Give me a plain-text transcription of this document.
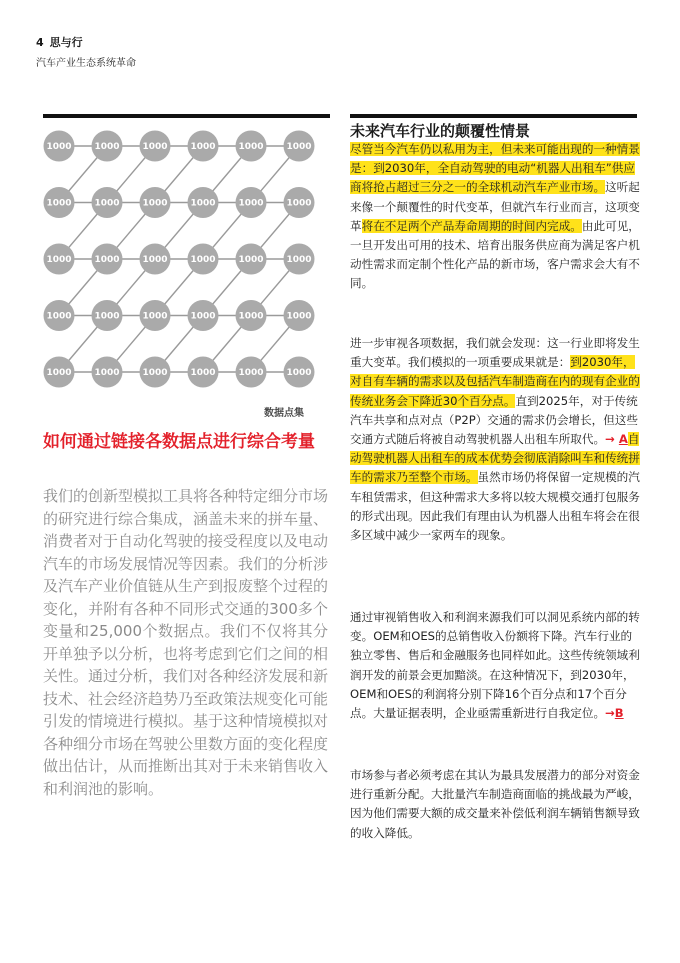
4 思与行
汽车产业生态系统革命
1000	1000	1000	1000	1000	1000
1000	1000	1000	1000	1000	1000
1000	1000	1000	1000	1000	1000
1000	1000	1000	1000	1000	1000
1000	1000	1000	1000	1000	1000
数据点集
如何通过链接各数据点进行综合考量
我们的创新型模拟工具将各种特定细分市场的研究进行综合集成，涵盖未来的拼车量、消费者对于自动化驾驶的接受程度以及电动汽车的市场发展情况等因素。我们的分析涉及汽车产业价值链从生产到报废整个过程的变化，并附有各种不同形式交通的300多个变量和25,000个数据点。我们不仅将其分开单独予以分析，也将考虑到它们之间的相关性。通过分析，我们对各种经济发展和新技术、社会经济趋势乃至政策法规变化可能引发的情境进行模拟。基于这种情境模拟对各种细分市场在驾驶公里数方面的变化程度做出估计，从而推断出其对于未来销售收入和利润池的影响。
未来汽车行业的颠覆性情景
尽管当今汽车仍以私用为主，但未来可能出现的一种情景是：到2030年，全自动驾驶的电动“机器人出租车”供应商将抢占超过三分之一的全球机动汽车产业市场。这听起来像一个颠覆性的时代变革，但就汽车行业而言，这项变革将在不足两个产品寿命周期的时间内完成。由此可见，一旦开发出可用的技术、培育出服务供应商为满足客户机动性需求而定制个性化产品的新市场，客户需求会大有不同。
进一步审视各项数据，我们就会发现：这一行业即将发生重大变革。我们模拟的一项重要成果就是：到2030年，对自有车辆的需求以及包括汽车制造商在内的现有企业的传统业务会下降近30个百分点。直到2025年，对于传统汽车共享和点对点（P2P）交通的需求仍会增长，但这些交通方式随后将被自动驾驶机器人出租车所取代。→ A自动驾驶机器人出租车的成本优势会彻底消除叫车和传统拼车的需求乃至整个市场。虽然市场仍将保留一定规模的汽车租赁需求，但这种需求大多将以较大规模交通打包服务的形式出现。因此我们有理由认为机器人出租车将会在很多区域中减少一家两车的现象。
通过审视销售收入和利润来源我们可以洞见系统内部的转变。OEM和OES的总销售收入份额将下降。汽车行业的独立零售、售后和金融服务也同样如此。这些传统领域利润开发的前景会更加黯淡。在这种情况下，到2030年，OEM和OES的利润将分别下降16个百分点和17个百分点。大量证据表明，企业亟需重新进行自我定位。→B
市场参与者必须考虑在其认为最具发展潜力的部分对资金进行重新分配。大批量汽车制造商面临的挑战最为严峻，因为他们需要大额的成交量来补偿低利润车辆销售额导致的收入降低。
